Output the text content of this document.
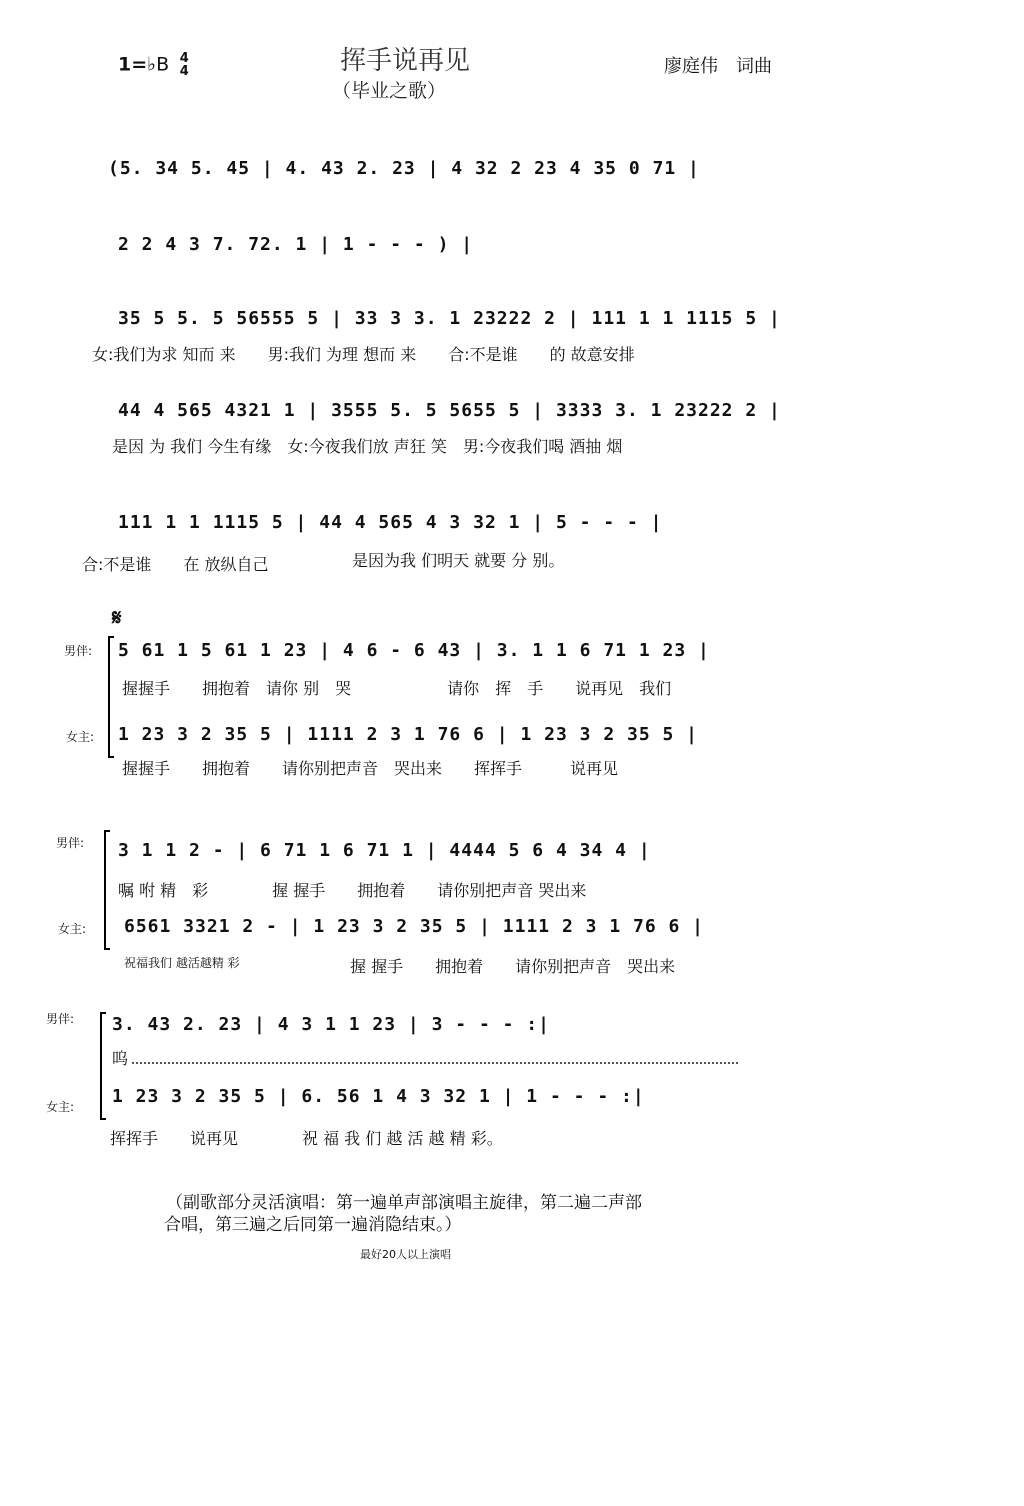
1=♭B 4
4	挥手说再见
（毕业之歌）
廖庭伟　词曲
(5. 34 5. 45 | 4. 43 2. 23 | 4 32 2 23 4 35 0 71 |
2 2 4 3 7. 72. 1 | 1 - - - ) |
35 5 5. 5 56555 5 | 33 3 3. 1 23222 2 | 111 1 1 1115 5 |
女:我们为求 知而 来　　男:我们 为理 想而 来　　合:不是谁　　的 故意安排
44 4 565 4321 1 | 3555 5. 5 5655 5 | 3333 3. 1 23222 2 |
是因 为 我们 今生有缘　女:今夜我们放 声狂 笑　男:今夜我们喝 酒抽 烟
111 1 1 1115 5 | 44 4 565 4 3 32 1 | 5 - - - |
合:不是谁　　在 放纵自己	是因为我 们明天 就要 分 别。
𝄋
男伴: 5 61 1 5 61 1 23 | 4 6 - 6 43 | 3. 1 1 6 71 1 23 |
握握手　　拥抱着　请你 别　哭　　　　　　请你　挥　手　　说再见　我们
女主: 1 23 3 2 35 5 | 1111 2 3 1 76 6 | 1 23 3 2 35 5 |
握握手　　拥抱着　　请你别把声音　哭出来　　挥挥手　　　说再见
男伴: 3 1 1 2 - | 6 71 1 6 71 1 | 4444 5 6 4 34 4 |
嘱 咐 精　彩　　　　握 握手　　拥抱着　　请你别把声音 哭出来
女主: 6561 3321 2 - | 1 23 3 2 35 5 | 1111 2 3 1 76 6 |
祝福我们 越活越精 彩	握 握手　　拥抱着　　请你别把声音　哭出来
男伴: 3. 43 2. 23 | 4 3 1 1 23 | 3 - - - :|
呜
女主: 1 23 3 2 35 5 | 6. 56 1 4 3 32 1 | 1 - - - :|
挥挥手　　说再见　　　　祝 福 我 们 越 活 越 精 彩。
（副歌部分灵活演唱：第一遍单声部演唱主旋律，第二遍二声部
合唱，第三遍之后同第一遍消隐结束。）
最好20人以上演唱
